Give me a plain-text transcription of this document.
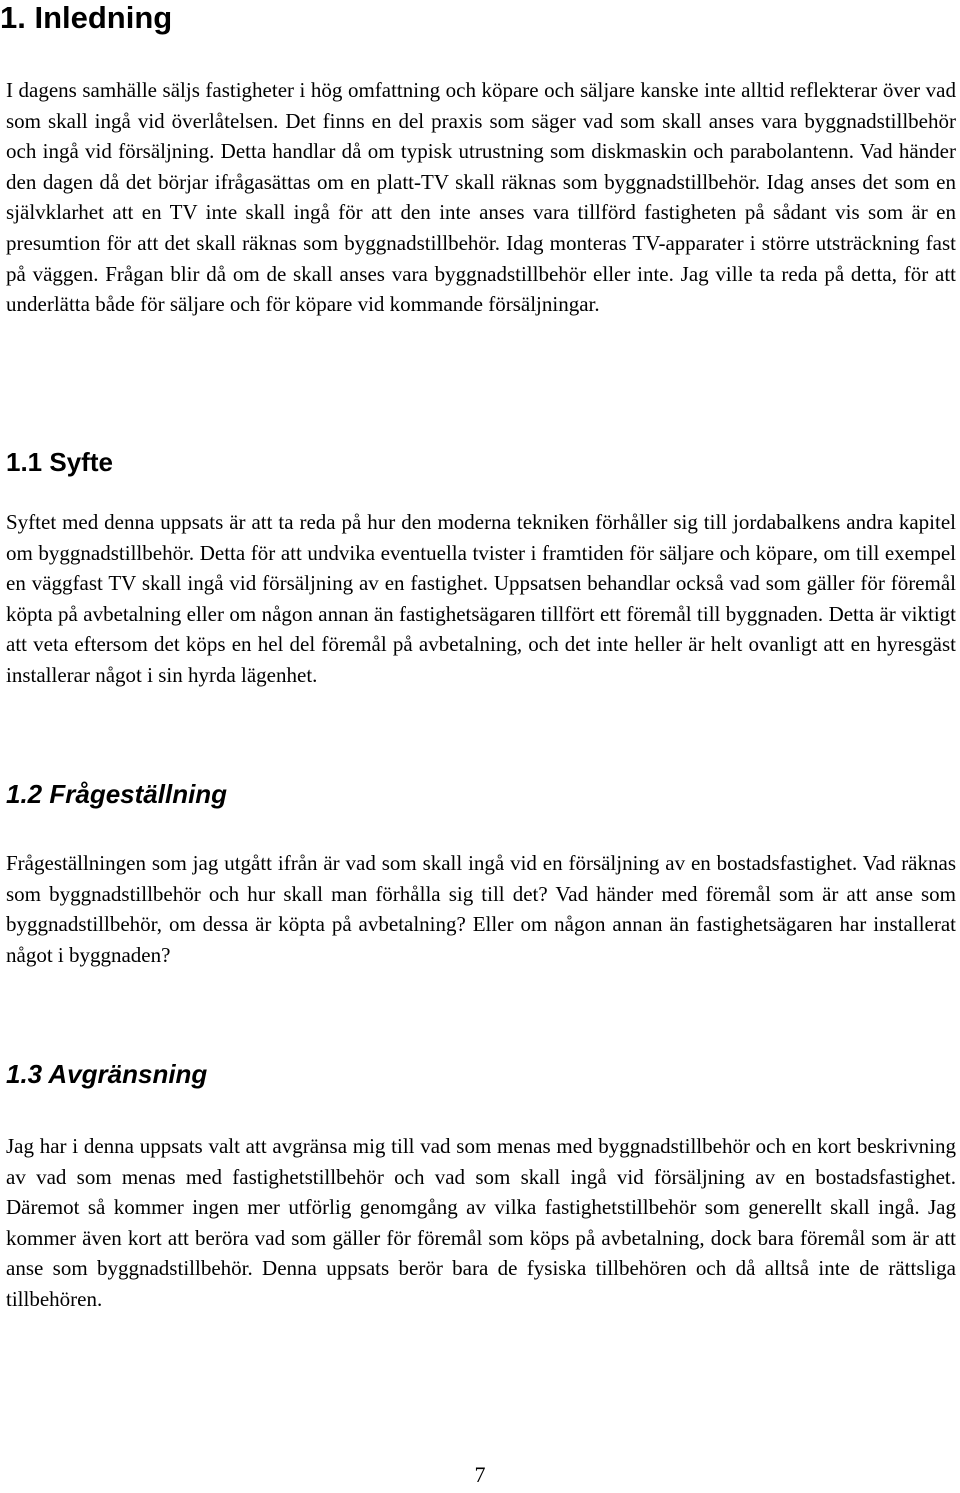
1. Inledning

I dagens samhälle säljs fastigheter i hög omfattning och köpare och säljare kanske inte alltid reflekterar över vad som skall ingå vid överlåtelsen. Det finns en del praxis som säger vad som skall anses vara byggnadstillbehör och ingå vid försäljning. Detta handlar då om typisk utrustning som diskmaskin och parabolantenn. Vad händer den dagen då det börjar ifrågasättas om en platt-TV skall räknas som byggnadstillbehör. Idag anses det som en självklarhet att en TV inte skall ingå för att den inte anses vara tillförd fastigheten på sådant vis som är en presumtion för att det skall räknas som byggnadstillbehör. Idag monteras TV-apparater i större utsträckning fast på väggen. Frågan blir då om de skall anses vara byggnadstillbehör eller inte. Jag ville ta reda på detta, för att underlätta både för säljare och för köpare vid kommande försäljningar.

1.1 Syfte

Syftet med denna uppsats är att ta reda på hur den moderna tekniken förhåller sig till jordabalkens andra kapitel om byggnadstillbehör. Detta för att undvika eventuella tvister i framtiden för säljare och köpare, om till exempel en väggfast TV skall ingå vid försäljning av en fastighet. Uppsatsen behandlar också vad som gäller för föremål köpta på avbetalning eller om någon annan än fastighetsägaren tillfört ett föremål till byggnaden. Detta är viktigt att veta eftersom det köps en hel del föremål på avbetalning, och det inte heller är helt ovanligt att en hyresgäst installerar något i sin hyrda lägenhet.

1.2 Frågeställning

Frågeställningen som jag utgått ifrån är vad som skall ingå vid en försäljning av en bostadsfastighet. Vad räknas som byggnadstillbehör och hur skall man förhålla sig till det? Vad händer med föremål som är att anse som byggnadstillbehör, om dessa är köpta på avbetalning? Eller om någon annan än fastighetsägaren har installerat något i byggnaden?

1.3 Avgränsning

Jag har i denna uppsats valt att avgränsa mig till vad som menas med byggnadstillbehör och en kort beskrivning av vad som menas med fastighetstillbehör och vad som skall ingå vid försäljning av en bostadsfastighet. Däremot så kommer ingen mer utförlig genomgång av vilka fastighetstillbehör som generellt skall ingå. Jag kommer även kort att beröra vad som gäller för föremål som köps på avbetalning, dock bara föremål som är att anse som byggnadstillbehör. Denna uppsats berör bara de fysiska tillbehören och då alltså inte de rättsliga tillbehören.

7
